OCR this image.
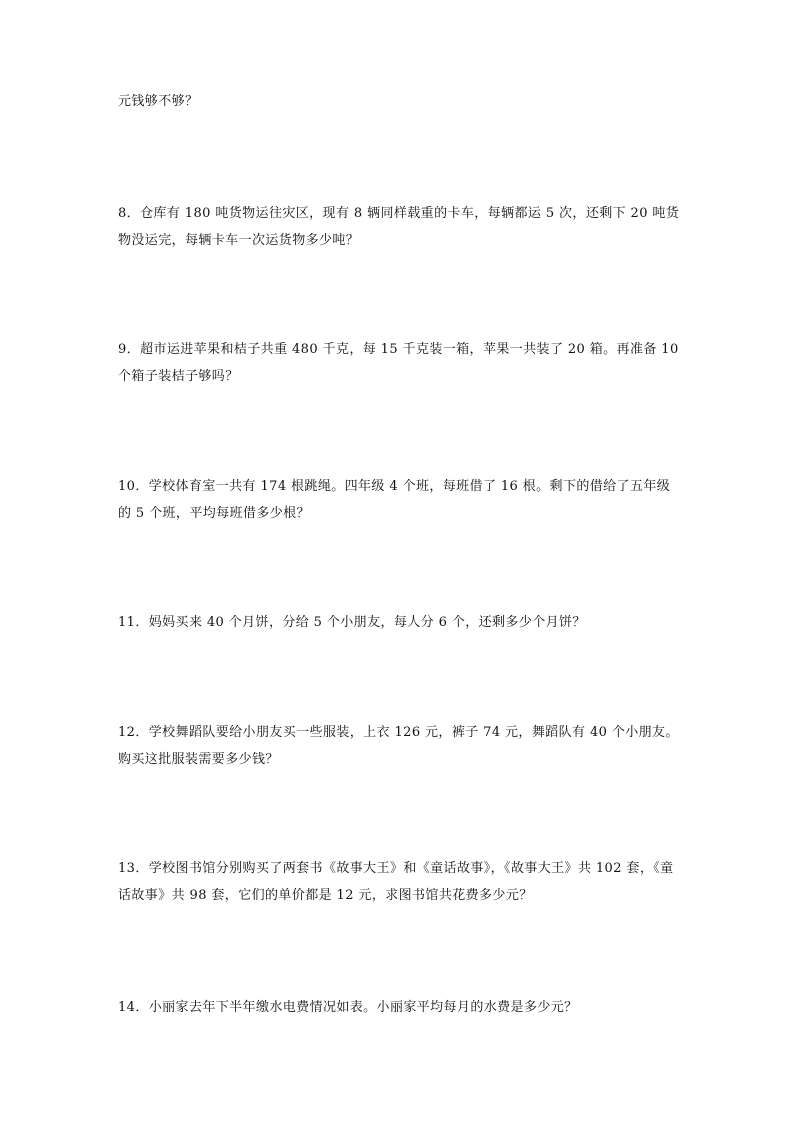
元钱够不够？
8．仓库有 180 吨货物运往灾区，现有 8 辆同样载重的卡车，每辆都运 5 次，还剩下 20 吨货
物没运完，每辆卡车一次运货物多少吨？
9．超市运进苹果和桔子共重 480 千克，每 15 千克装一箱，苹果一共装了 20 箱。再准备 10
个箱子装桔子够吗？
10．学校体育室一共有 174 根跳绳。四年级 4 个班，每班借了 16 根。剩下的借给了五年级
的 5 个班，平均每班借多少根？
11．妈妈买来 40 个月饼，分给 5 个小朋友，每人分 6 个，还剩多少个月饼？
12．学校舞蹈队要给小朋友买一些服装，上衣 126 元，裤子 74 元，舞蹈队有 40 个小朋友。
购买这批服装需要多少钱？
13．学校图书馆分别购买了两套书《故事大王》和《童话故事》，《故事大王》共 102 套，《童
话故事》共 98 套，它们的单价都是 12 元，求图书馆共花费多少元？
14．小丽家去年下半年缴水电费情况如表。小丽家平均每月的水费是多少元？
